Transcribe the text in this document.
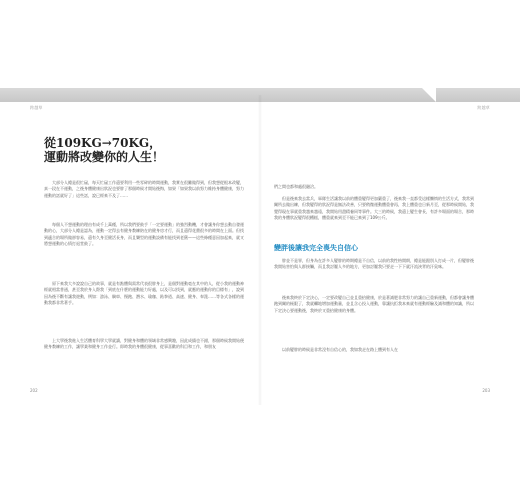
跨越草
從109KG→70KG，
運動將改變你的人生！

大部分人總是很忙碌，每天忙碌工作還要利用一些零碎的時間運動，我實在很難做得到，但我想從根本改變，真一段在不運動，之後身體健康出狀況也要胖了那個時候才開始後悔，如果「如果我以前努力維持身體健康，努力運動的話就好了」這些話，說已經來不及了……

每個人不想運動的理由有成千上萬種，所以我們要鼓手「一定要運動」的強烈動機，才會讓身你想去動自發運動的心，大部分人總是認為，運動一定得去有健身教練陪在的健身房才行，而且還得花費很多的時間在上面。但找到適合的場所做卻容易，還有久身至健活長身，而且樂型的運動設備有能找到老舊——這些條種意因加起來，就又將想運動的心情打退堂鼓了。

原下來我大多說說自己的故事，就是有點體與需常代表很胖身上，是個對運動毫在其中的人，從小我的運動神經就相當普通，甚至我於身入際我「到底在什麼的運動能力好處，以及可以找到，就應的運動你的目標有」，說到因為後不斷有讓我遊動，例如：游泳、騎車、慢跑、潛水、瑜珈、跆拳道、高速、健身、奉派……等各式各樣的運動我都非常著手。

上大學後我進入生活體育科學大學就讀，對健身和體的領域非常感興趣，因此成績也不錯，那個時候我開始便健身教練的工作，讓學業和健身工作並行。即時我的身體很健康，從事喜歡的科目和工作，和朋友

202
跨越草
203

們之間也都和處很融洽。

但是後來我去當兵，軍隊生活讓我以前的體重變得更加嚴重了，後來我一直都受這樣懶惰的生活方式，我常到關所去做出練，但我變得的狀況得是無法改善，只要稍微運動體重會再，我上體重也日新月至，從那時候開始，我覺得現在事就重我越來越遠，我開始用盡精養同等事件。大三的時候，我還上變生會長，有許多場面的場合，那時我的身體狀況變得很糟糕，體重就來到至不能已來到了109公斤。

變胖後讓我完全喪失自信心

胖並不是罪，但身為在許多人變胖的時期總是不自信，以前的我性格開朗，總是能跟別人打成一片，但變胖後我開始害怕與人群接觸，而且我討厭人多的地方，更加討厭我只要走一下下就汗流浹背的汗臭味。

後來我終於下定決心，一定要改變自己並且重拾健康，於是著減肥非常努力的讓自己重新運動，但都會讓身體跑到關的極限了，我就繼地增加運動量，並且含心投入運動，靠讓抗拒我本來就有運動經驗及減和體的知識，所以下定決心要運動後，我終於又重拾健康的身體。

以前變胖的時候是非常沒有自信心的，我如我走在路上體到有人在
